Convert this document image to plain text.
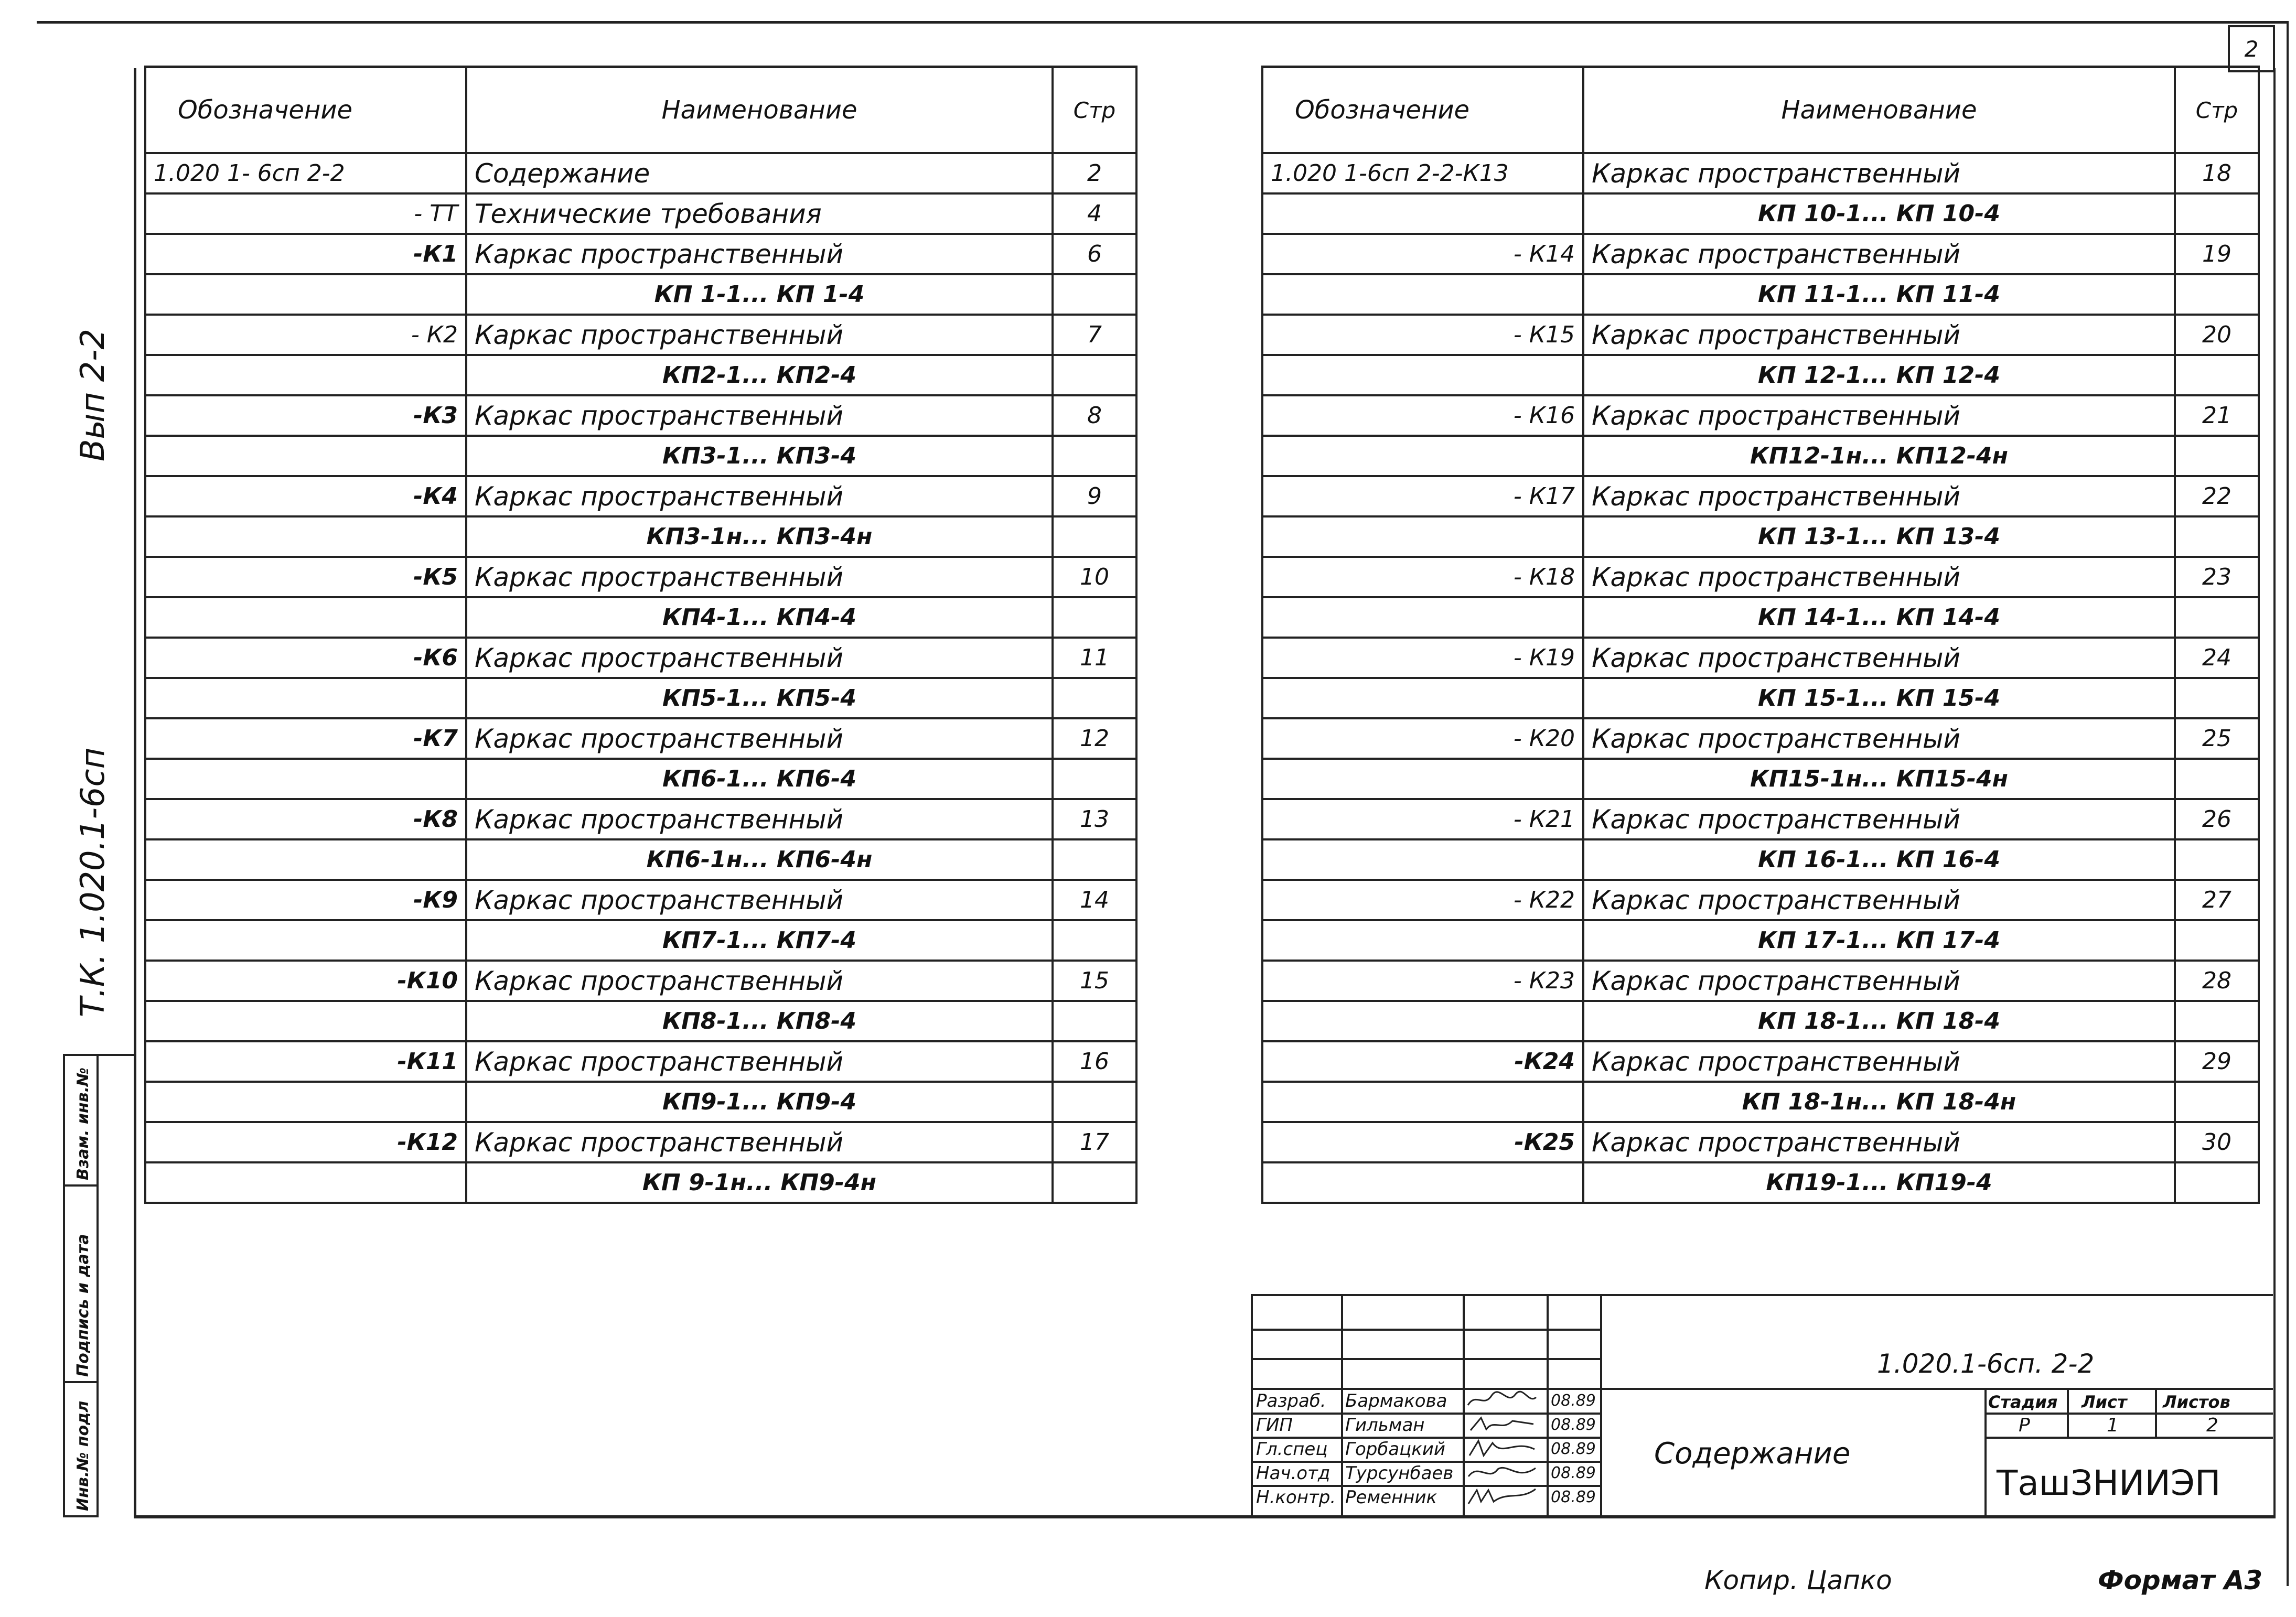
2
Вып 2-2
Т.К. 1.020.1-6сп
Взам. инв.№
Подпись и дата
Инв.№ подл
Обозначение	Наименование	Стр
1.020 1- 6сп 2-2	Содержание	2
- ТТ	Технические требования	4
-К1	Каркас пространственный	6
	КП 1-1... КП 1-4	
- К2	Каркас пространственный	7
	КП2-1... КП2-4	
-К3	Каркас пространственный	8
	КП3-1... КП3-4	
-К4	Каркас пространственный	9
	КП3-1н... КП3-4н	
-К5	Каркас пространственный	10
	КП4-1... КП4-4	
-К6	Каркас пространственный	11
	КП5-1... КП5-4	
-К7	Каркас пространственный	12
	КП6-1... КП6-4	
-К8	Каркас пространственный	13
	КП6-1н... КП6-4н	
-К9	Каркас пространственный	14
	КП7-1... КП7-4	
-К10	Каркас пространственный	15
	КП8-1... КП8-4	
-К11	Каркас пространственный	16
	КП9-1... КП9-4	
-К12	Каркас пространственный	17
	КП 9-1н... КП9-4н	
Обозначение	Наименование	Стр
1.020 1-6сп 2-2-К13	Каркас пространственный	18
	КП 10-1... КП 10-4	
- К14	Каркас пространственный	19
	КП 11-1... КП 11-4	
- К15	Каркас пространственный	20
	КП 12-1... КП 12-4	
- К16	Каркас пространственный	21
	КП12-1н... КП12-4н	
- К17	Каркас пространственный	22
	КП 13-1... КП 13-4	
- К18	Каркас пространственный	23
	КП 14-1... КП 14-4	
- К19	Каркас пространственный	24
	КП 15-1... КП 15-4	
- К20	Каркас пространственный	25
	КП15-1н... КП15-4н	
- К21	Каркас пространственный	26
	КП 16-1... КП 16-4	
- К22	Каркас пространственный	27
	КП 17-1... КП 17-4	
- К23	Каркас пространственный	28
	КП 18-1... КП 18-4	
-К24	Каркас пространственный	29
	КП 18-1н... КП 18-4н	
-К25	Каркас пространственный	30
	КП19-1... КП19-4	
1.020.1-6сп. 2-2
Содержание
Стадия Лист Листов
Р	1	2
ТашЗНИИЭП
Разраб. Бармакова	08.89
ГИП	Гильман	08.89
Гл.спец Горбацкий	08.89
Нач.отд Турсунбаев	08.89
Н.контр. Ременник	08.89
Копир. Цапко	Формат А3
